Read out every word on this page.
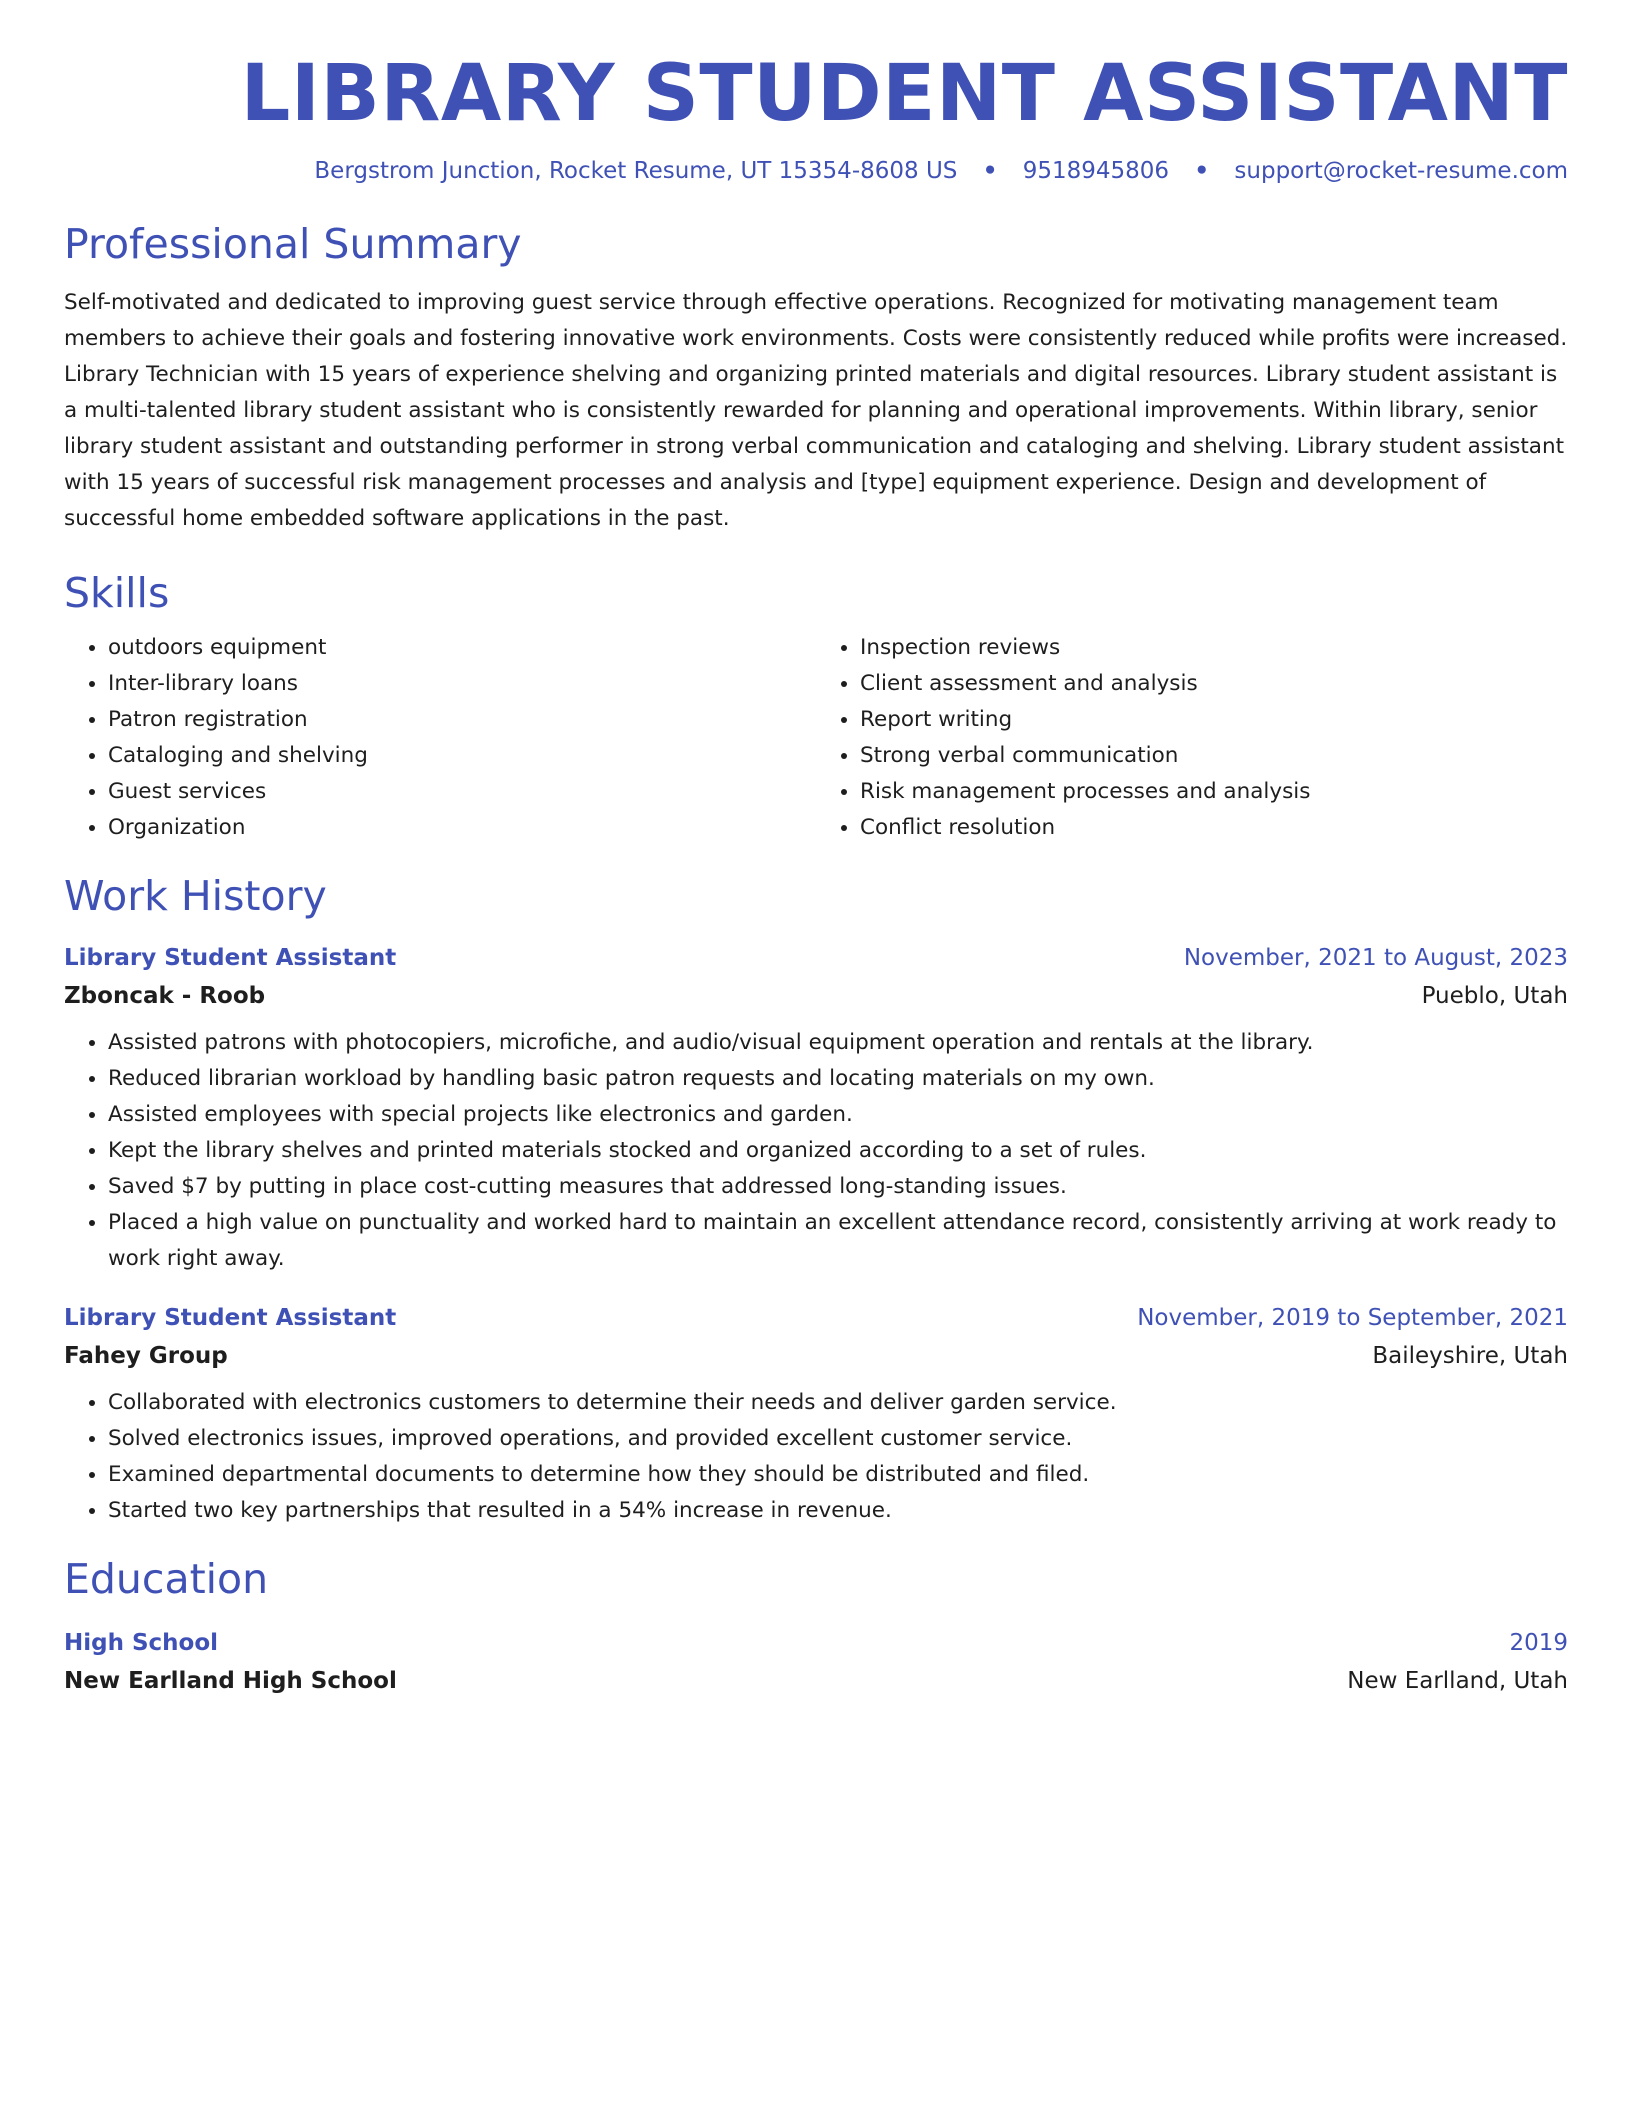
LIBRARY STUDENT ASSISTANT
Bergstrom Junction, Rocket Resume, UT 15354-8608 US • 9518945806 • support@rocket-resume.com
Professional Summary

Self-motivated and dedicated to improving guest service through effective operations. Recognized for motivating management team members to achieve their goals and fostering innovative work environments. Costs were consistently reduced while profits were increased. Library Technician with 15 years of experience shelving and organizing printed materials and digital resources. Library student assistant is a multi-talented library student assistant who is consistently rewarded for planning and operational improvements. Within library, senior library student assistant and outstanding performer in strong verbal communication and cataloging and shelving. Library student assistant with 15 years of successful risk management processes and analysis and [type] equipment experience. Design and development of successful home embedded software applications in the past.

Skills
• outdoors equipment
• Inter-library loans
• Patron registration
• Cataloging and shelving
• Guest services
• Organization
• Inspection reviews
• Client assessment and analysis
• Report writing
• Strong verbal communication
• Risk management processes and analysis
• Conflict resolution
Work History
Library Student Assistant	November, 2021 to August, 2023
Zboncak - Roob	Pueblo, Utah
• Assisted patrons with photocopiers, microfiche, and audio/visual equipment operation and rentals at the library.
• Reduced librarian workload by handling basic patron requests and locating materials on my own.
• Assisted employees with special projects like electronics and garden.
• Kept the library shelves and printed materials stocked and organized according to a set of rules.
• Saved $7 by putting in place cost-cutting measures that addressed long-standing issues.
• Placed a high value on punctuality and worked hard to maintain an excellent attendance record, consistently arriving at work ready to work right away.
Library Student Assistant	November, 2019 to September, 2021
Fahey Group	Baileyshire, Utah
• Collaborated with electronics customers to determine their needs and deliver garden service.
• Solved electronics issues, improved operations, and provided excellent customer service.
• Examined departmental documents to determine how they should be distributed and filed.
• Started two key partnerships that resulted in a 54% increase in revenue.
Education
High School	2019
New Earlland High School	New Earlland, Utah
